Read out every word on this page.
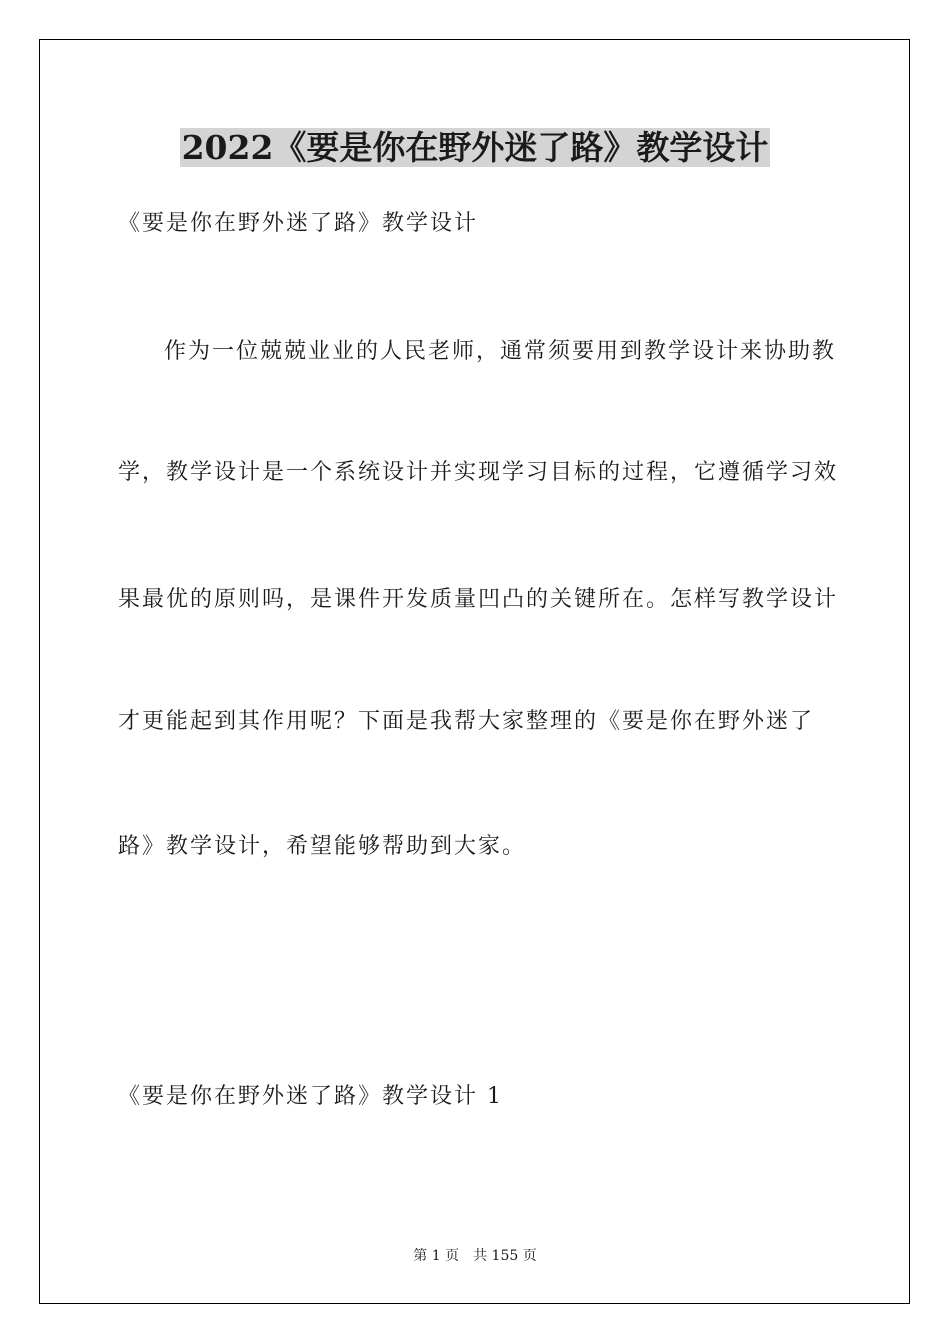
2022《要是你在野外迷了路》教学设计
《要是你在野外迷了路》教学设计
作为一位兢兢业业的人民老师，通常须要用到教学设计来协助教
学，教学设计是一个系统设计并实现学习目标的过程，它遵循学习效
果最优的原则吗，是课件开发质量凹凸的关键所在。怎样写教学设计
才更能起到其作用呢？下面是我帮大家整理的《要是你在野外迷了
路》教学设计，希望能够帮助到大家。
《要是你在野外迷了路》教学设计 1
第 1 页 共 155 页
